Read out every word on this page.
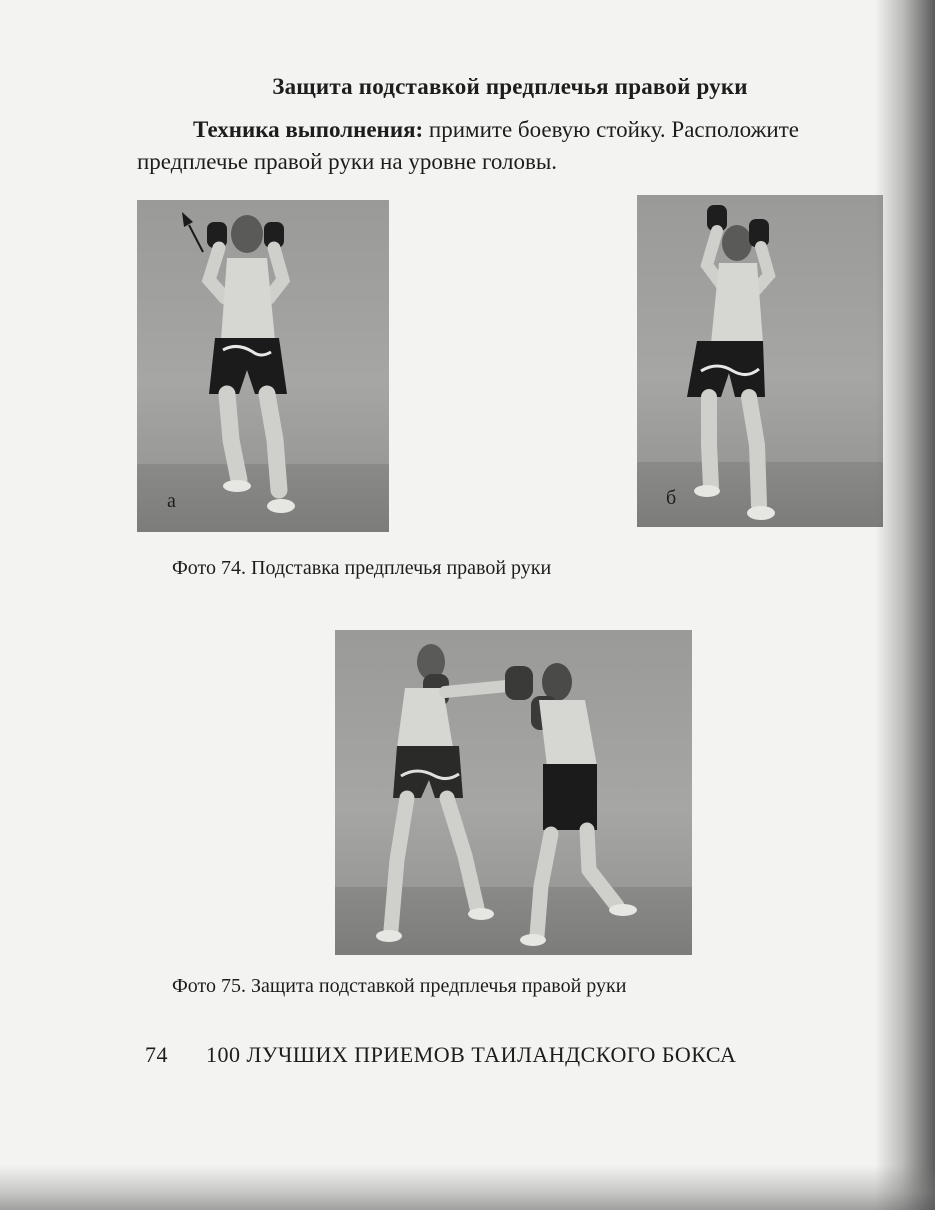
Защита подставкой предплечья правой руки
Техника выполнения: примите боевую стойку. Расположите предплечье правой руки на уровне головы.
а	б
Фото 74. Подставка предплечья правой руки
Фото 75. Защита подставкой предплечья правой руки
74 100 ЛУЧШИХ ПРИЕМОВ ТАИЛАНДСКОГО БОКСА
